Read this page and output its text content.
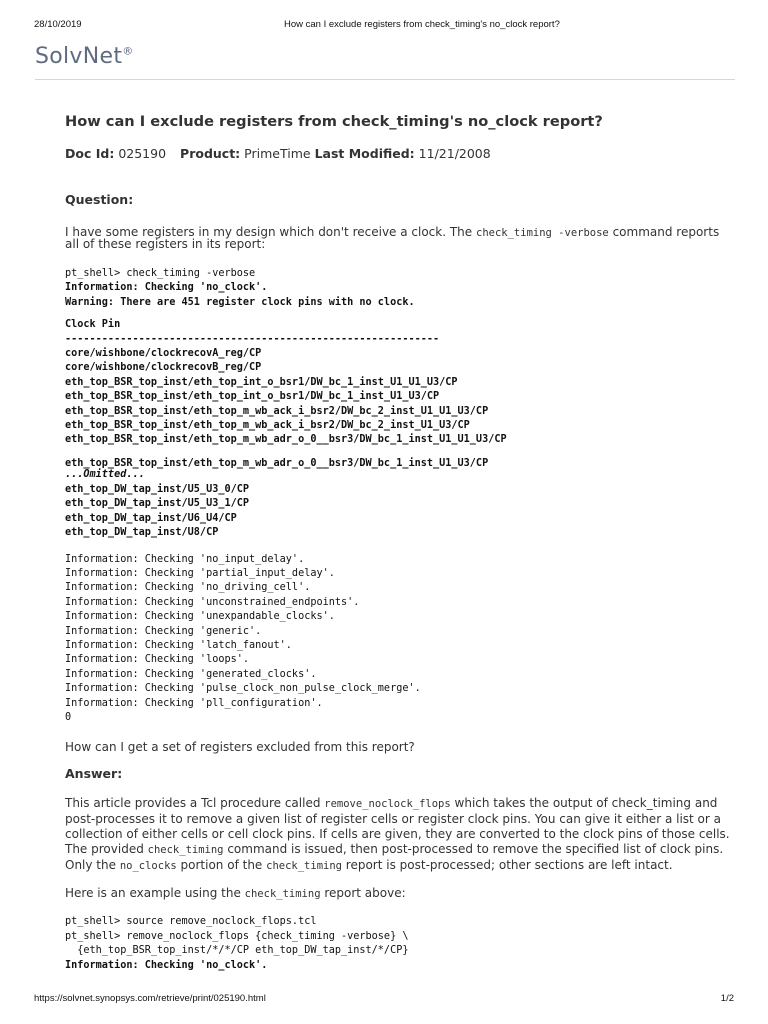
28/10/2019	How can I exclude registers from check_timing's no_clock report?
SolvNet®
How can I exclude registers from check_timing's no_clock report?
Doc Id: 025190 Product: PrimeTime Last Modified: 11/21/2008
Question:

I have some registers in my design which don't receive a clock. The check_timing -verbose command reports all of these registers in its report:

pt_shell> check_timing -verbose
Information: Checking 'no_clock'.
Warning: There are 451 register clock pins with no clock.
Clock Pin
-------------------------------------------------------------
core/wishbone/clockrecovA_reg/CP
core/wishbone/clockrecovB_reg/CP
eth_top_BSR_top_inst/eth_top_int_o_bsr1/DW_bc_1_inst_U1_U1_U3/CP
eth_top_BSR_top_inst/eth_top_int_o_bsr1/DW_bc_1_inst_U1_U3/CP
eth_top_BSR_top_inst/eth_top_m_wb_ack_i_bsr2/DW_bc_2_inst_U1_U1_U3/CP
eth_top_BSR_top_inst/eth_top_m_wb_ack_i_bsr2/DW_bc_2_inst_U1_U3/CP
eth_top_BSR_top_inst/eth_top_m_wb_adr_o_0__bsr3/DW_bc_1_inst_U1_U1_U3/CP
eth_top_BSR_top_inst/eth_top_m_wb_adr_o_0__bsr3/DW_bc_1_inst_U1_U3/CP
...Omitted...
eth_top_DW_tap_inst/U5_U3_0/CP
eth_top_DW_tap_inst/U5_U3_1/CP
eth_top_DW_tap_inst/U6_U4/CP
eth_top_DW_tap_inst/U8/CP
Information: Checking 'no_input_delay'.
Information: Checking 'partial_input_delay'.
Information: Checking 'no_driving_cell'.
Information: Checking 'unconstrained_endpoints'.
Information: Checking 'unexpandable_clocks'.
Information: Checking 'generic'.
Information: Checking 'latch_fanout'.
Information: Checking 'loops'.
Information: Checking 'generated_clocks'.
Information: Checking 'pulse_clock_non_pulse_clock_merge'.
Information: Checking 'pll_configuration'.
0

How can I get a set of registers excluded from this report?

Answer:

This article provides a Tcl procedure called remove_noclock_flops which takes the output of check_timing and post-processes it to remove a given list of register cells or register clock pins. You can give it either a list or a collection of either cells or cell clock pins. If cells are given, they are converted to the clock pins of those cells. The provided check_timing command is issued, then post-processed to remove the specified list of clock pins. Only the no_clocks portion of the check_timing report is post-processed; other sections are left intact.

Here is an example using the check_timing report above:

pt_shell> source remove_noclock_flops.tcl
pt_shell> remove_noclock_flops {check_timing -verbose} \
{eth_top_BSR_top_inst/*/*/CP eth_top_DW_tap_inst/*/CP}
Information: Checking 'no_clock'.
https://solvnet.synopsys.com/retrieve/print/025190.html	1/2
